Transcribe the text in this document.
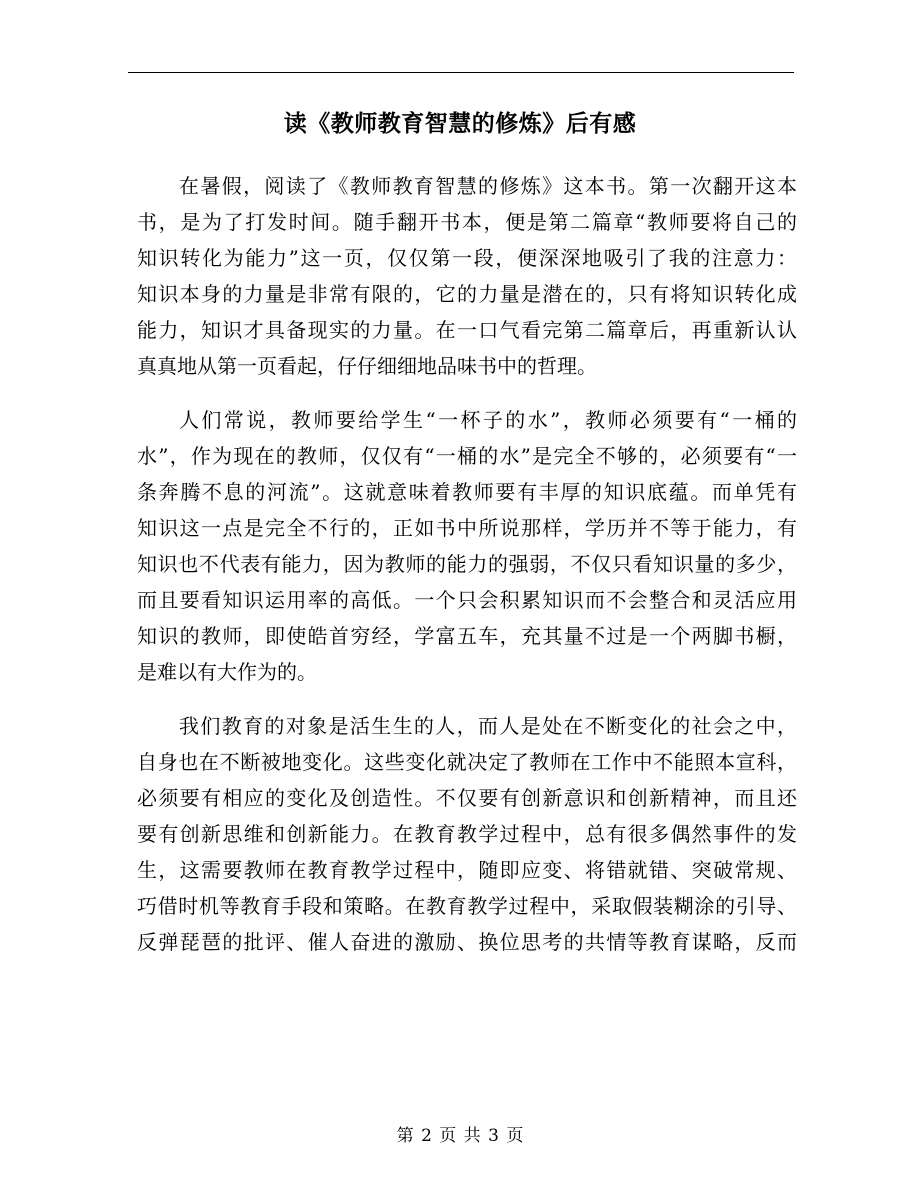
读《教师教育智慧的修炼》后有感
在暑假，阅读了《教师教育智慧的修炼》这本书。第一次翻开这本
书，是为了打发时间。随手翻开书本，便是第二篇章“教师要将自己的
知识转化为能力”这一页，仅仅第一段，便深深地吸引了我的注意力：
知识本身的力量是非常有限的，它的力量是潜在的，只有将知识转化成
能力，知识才具备现实的力量。在一口气看完第二篇章后，再重新认认
真真地从第一页看起，仔仔细细地品味书中的哲理。
人们常说，教师要给学生“一杯子的水”，教师必须要有“一桶的
水”，作为现在的教师，仅仅有“一桶的水”是完全不够的，必须要有“一
条奔腾不息的河流”。这就意味着教师要有丰厚的知识底蕴。而单凭有
知识这一点是完全不行的，正如书中所说那样，学历并不等于能力，有
知识也不代表有能力，因为教师的能力的强弱，不仅只看知识量的多少，
而且要看知识运用率的高低。一个只会积累知识而不会整合和灵活应用
知识的教师，即使皓首穷经，学富五车，充其量不过是一个两脚书橱，
是难以有大作为的。
我们教育的对象是活生生的人，而人是处在不断变化的社会之中，
自身也在不断被地变化。这些变化就决定了教师在工作中不能照本宣科，
必须要有相应的变化及创造性。不仅要有创新意识和创新精神，而且还
要有创新思维和创新能力。在教育教学过程中，总有很多偶然事件的发
生，这需要教师在教育教学过程中，随即应变、将错就错、突破常规、
巧借时机等教育手段和策略。在教育教学过程中，采取假装糊涂的引导、
反弹琵琶的批评、催人奋进的激励、换位思考的共情等教育谋略，反而
第 2 页 共 3 页
